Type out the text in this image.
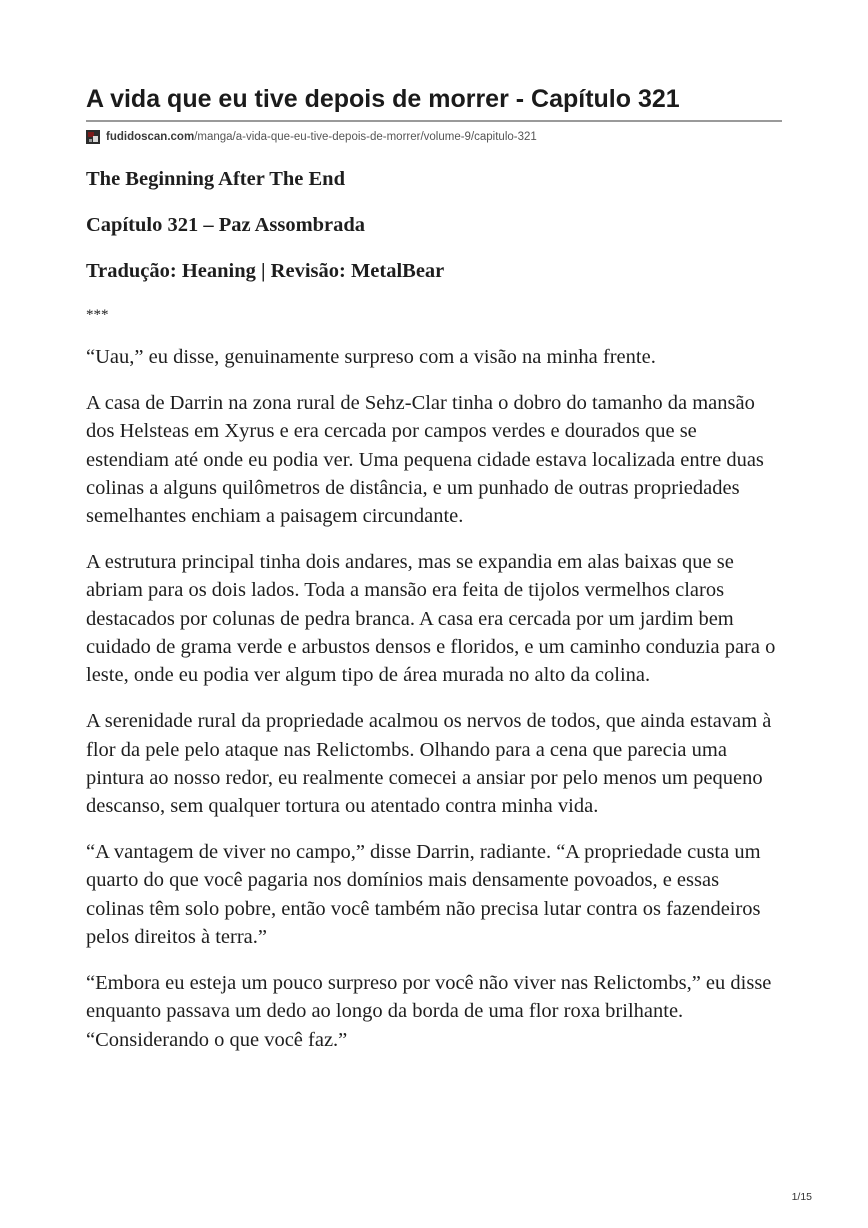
A vida que eu tive depois de morrer - Capítulo 321
fudidoscan.com /manga/a-vida-que-eu-tive-depois-de-morrer/volume-9/capitulo-321
The Beginning After The End
Capítulo 321 – Paz Assombrada
Tradução: Heaning | Revisão: MetalBear

***

“Uau,” eu disse, genuinamente surpreso com a visão na minha frente.

A casa de Darrin na zona rural de Sehz-Clar tinha o dobro do tamanho da mansão dos Helsteas em Xyrus e era cercada por campos verdes e dourados que se estendiam até onde eu podia ver. Uma pequena cidade estava localizada entre duas colinas a alguns quilômetros de distância, e um punhado de outras propriedades semelhantes enchiam a paisagem circundante.

A estrutura principal tinha dois andares, mas se expandia em alas baixas que se abriam para os dois lados. Toda a mansão era feita de tijolos vermelhos claros destacados por colunas de pedra branca. A casa era cercada por um jardim bem cuidado de grama verde e arbustos densos e floridos, e um caminho conduzia para o leste, onde eu podia ver algum tipo de área murada no alto da colina.

A serenidade rural da propriedade acalmou os nervos de todos, que ainda estavam à flor da pele pelo ataque nas Relictombs. Olhando para a cena que parecia uma pintura ao nosso redor, eu realmente comecei a ansiar por pelo menos um pequeno descanso, sem qualquer tortura ou atentado contra minha vida.

“A vantagem de viver no campo,” disse Darrin, radiante. “A propriedade custa um quarto do que você pagaria nos domínios mais densamente povoados, e essas colinas têm solo pobre, então você também não precisa lutar contra os fazendeiros pelos direitos à terra.”

“Embora eu esteja um pouco surpreso por você não viver nas Relictombs,” eu disse enquanto passava um dedo ao longo da borda de uma flor roxa brilhante. “Considerando o que você faz.”

1/15
